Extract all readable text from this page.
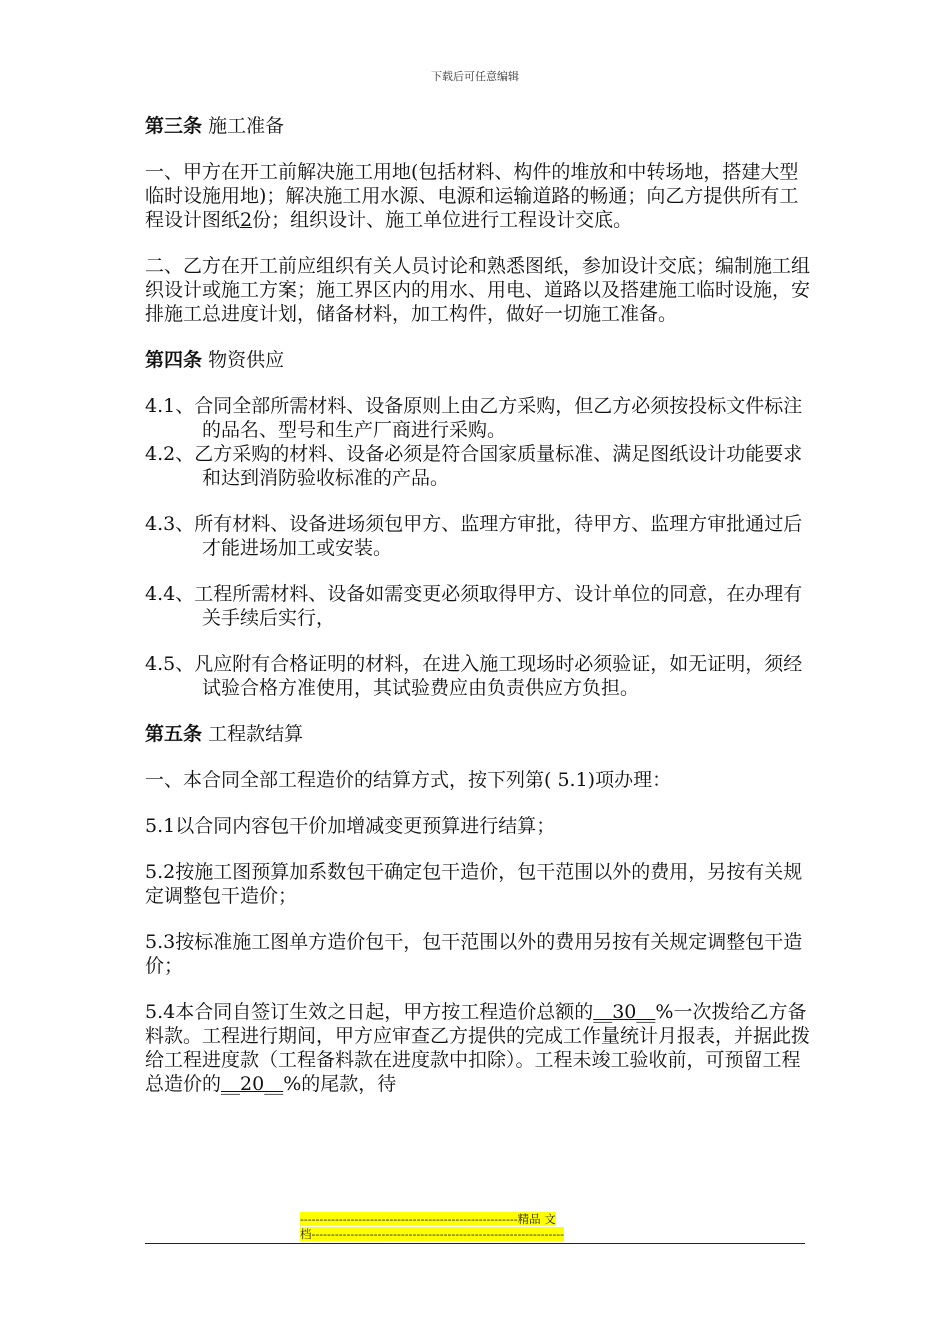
下载后可任意编辑

第三条 施工准备

一、甲方在开工前解决施工用地(包括材料、构件的堆放和中转场地，搭建大型临时设施用地)；解决施工用水源、电源和运输道路的畅通；向乙方提供所有工程设计图纸2份；组织设计、施工单位进行工程设计交底。

二、乙方在开工前应组织有关人员讨论和熟悉图纸，参加设计交底；编制施工组织设计或施工方案；施工界区内的用水、用电、道路以及搭建施工临时设施，安排施工总进度计划，储备材料，加工构件，做好一切施工准备。

第四条 物资供应

4.1、合同全部所需材料、设备原则上由乙方采购，但乙方必须按投标文件标注的品名、型号和生产厂商进行采购。

4.2、乙方采购的材料、设备必须是符合国家质量标准、满足图纸设计功能要求和达到消防验收标准的产品。

4.3、所有材料、设备进场须包甲方、监理方审批，待甲方、监理方审批通过后才能进场加工或安装。

4.4、工程所需材料、设备如需变更必须取得甲方、设计单位的同意，在办理有关手续后实行，

4.5、凡应附有合格证明的材料，在进入施工现场时必须验证，如无证明，须经试验合格方准使用，其试验费应由负责供应方负担。

第五条 工程款结算

一、本合同全部工程造价的结算方式，按下列第( 5.1)项办理：

5.1以合同内容包干价加增减变更预算进行结算；

5.2按施工图预算加系数包干确定包干造价，包干范围以外的费用，另按有关规定调整包干造价；

5.3按标准施工图单方造价包干，包干范围以外的费用另按有关规定调整包干造价；

5.4本合同自签订生效之日起，甲方按工程造价总额的__30__%一次拨给乙方备料款。工程进行期间，甲方应审查乙方提供的完成工作量统计月报表，并据此拨给工程进度款（工程备料款在进度款中扣除）。工程未竣工验收前，可预留工程总造价的__20__%的尾款，待

--------------------------------------------------------精品 文
档-----------------------------------------------------------------
